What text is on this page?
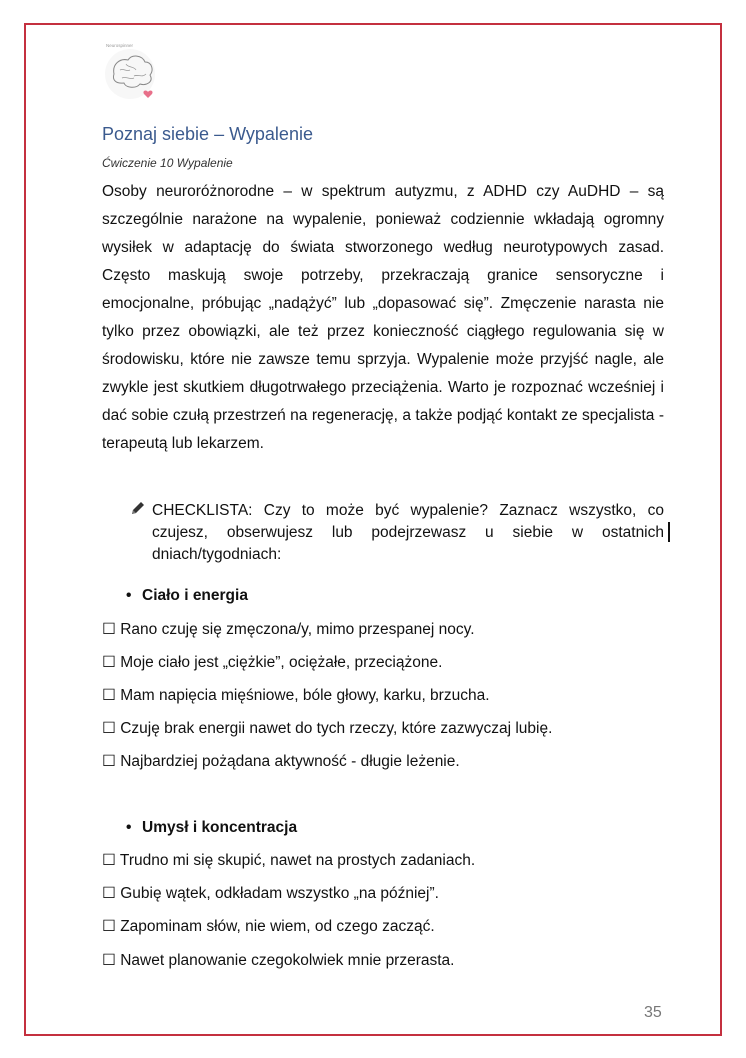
Neurospinner
Poznaj siebie – Wypalenie
Ćwiczenie 10 Wypalenie
Osoby neuroróżnorodne – w spektrum autyzmu, z ADHD czy AuDHD – są szczególnie narażone na wypalenie, ponieważ codziennie wkładają ogromny wysiłek w adaptację do świata stworzonego według neurotypowych zasad. Często maskują swoje potrzeby, przekraczają granice sensoryczne i emocjonalne, próbując „nadążyć” lub „dopasować się”. Zmęczenie narasta nie tylko przez obowiązki, ale też przez konieczność ciągłego regulowania się w środowisku, które nie zawsze temu sprzyja. Wypalenie może przyjść nagle, ale zwykle jest skutkiem długotrwałego przeciążenia. Warto je rozpoznać wcześniej i dać sobie czułą przestrzeń na regenerację, a także podjąć kontakt ze specjalista - terapeutą lub lekarzem.
CHECKLISTA: Czy to może być wypalenie? Zaznacz wszystko, co czujesz, obserwujesz lub podejrzewasz u siebie w ostatnich dniach/tygodniach:
• Ciało i energia
☐ Rano czuję się zmęczona/y, mimo przespanej nocy.
☐ Moje ciało jest „ciężkie”, ociężałe, przeciążone.
☐ Mam napięcia mięśniowe, bóle głowy, karku, brzucha.
☐ Czuję brak energii nawet do tych rzeczy, które zazwyczaj lubię.
☐ Najbardziej pożądana aktywność - długie leżenie.
• Umysł i koncentracja
☐ Trudno mi się skupić, nawet na prostych zadaniach.
☐ Gubię wątek, odkładam wszystko „na później”.
☐ Zapominam słów, nie wiem, od czego zacząć.
☐ Nawet planowanie czegokolwiek mnie przerasta.
35
